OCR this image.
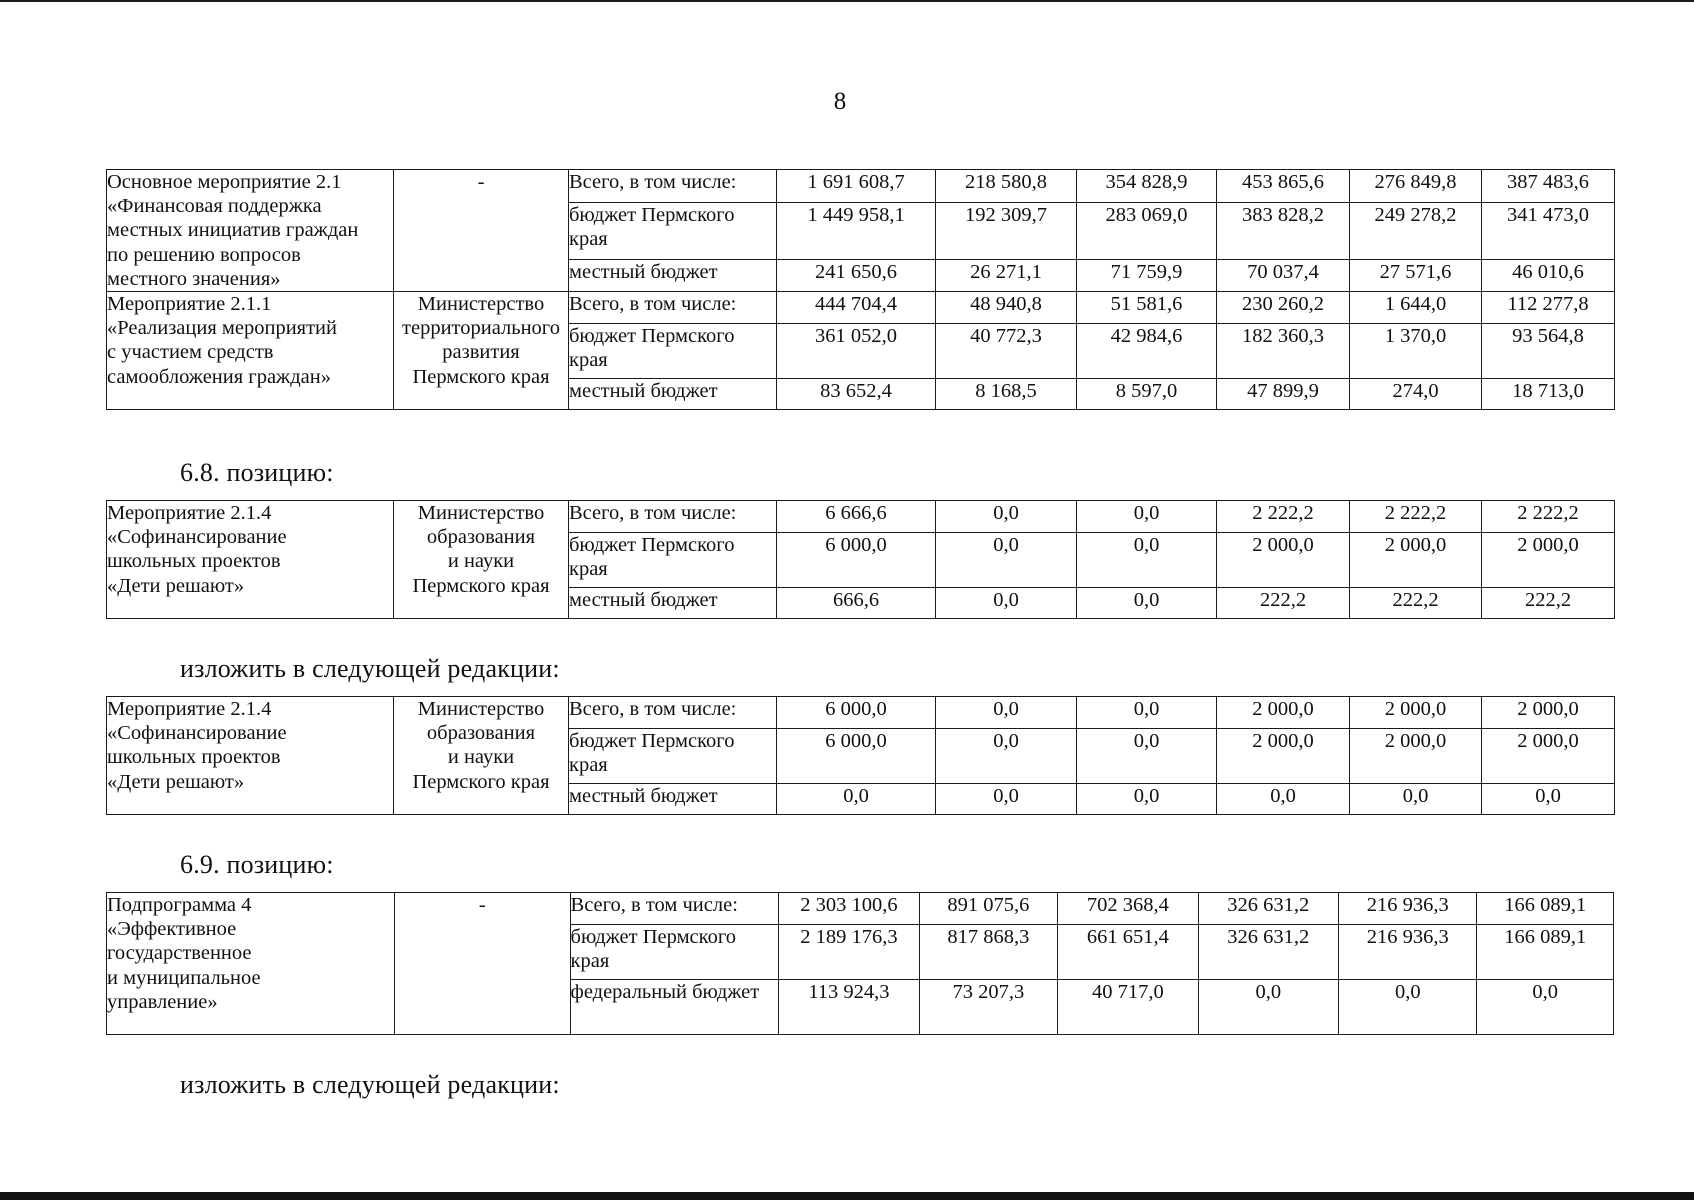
8
Основное мероприятие 2.1
«Финансовая поддержка
местных инициатив граждан
по решению вопросов
местного значения»	-	Всего, в том числе:	1 691 608,7	218 580,8	354 828,9	453 865,6	276 849,8	387 483,6
		бюджет Пермского края	1 449 958,1	192 309,7	283 069,0	383 828,2	249 278,2	341 473,0
		местный бюджет	241 650,6	26 271,1	71 759,9	70 037,4	27 571,6	46 010,6

Мероприятие 2.1.1
«Реализация мероприятий
с участием средств
самообложения граждан»	Министерство
территориального
развития
Пермского края	Всего, в том числе:	444 704,4	48 940,8	51 581,6	230 260,2	1 644,0	112 277,8
		бюджет Пермского края	361 052,0	40 772,3	42 984,6	182 360,3	1 370,0	93 564,8
		местный бюджет	83 652,4	8 168,5	8 597,0	47 899,9	274,0	18 713,0
6.8. позицию:
Мероприятие 2.1.4
«Софинансирование
школьных проектов
«Дети решают»	Министерство
образования
и науки
Пермского края	Всего, в том числе:	6 666,6	0,0	0,0	2 222,2	2 222,2	2 222,2
		бюджет Пермского края	6 000,0	0,0	0,0	2 000,0	2 000,0	2 000,0
		местный бюджет	666,6	0,0	0,0	222,2	222,2	222,2
изложить в следующей редакции:
Мероприятие 2.1.4
«Софинансирование
школьных проектов
«Дети решают»	Министерство
образования
и науки
Пермского края	Всего, в том числе:	6 000,0	0,0	0,0	2 000,0	2 000,0	2 000,0
		бюджет Пермского края	6 000,0	0,0	0,0	2 000,0	2 000,0	2 000,0
		местный бюджет	0,0	0,0	0,0	0,0	0,0	0,0
6.9. позицию:
Подпрограмма 4
«Эффективное
государственное
и муниципальное
управление»	-	Всего, в том числе:	2 303 100,6	891 075,6	702 368,4	326 631,2	216 936,3	166 089,1
		бюджет Пермского края	2 189 176,3	817 868,3	661 651,4	326 631,2	216 936,3	166 089,1
		федеральный бюджет	113 924,3	73 207,3	40 717,0	0,0	0,0	0,0
изложить в следующей редакции:
